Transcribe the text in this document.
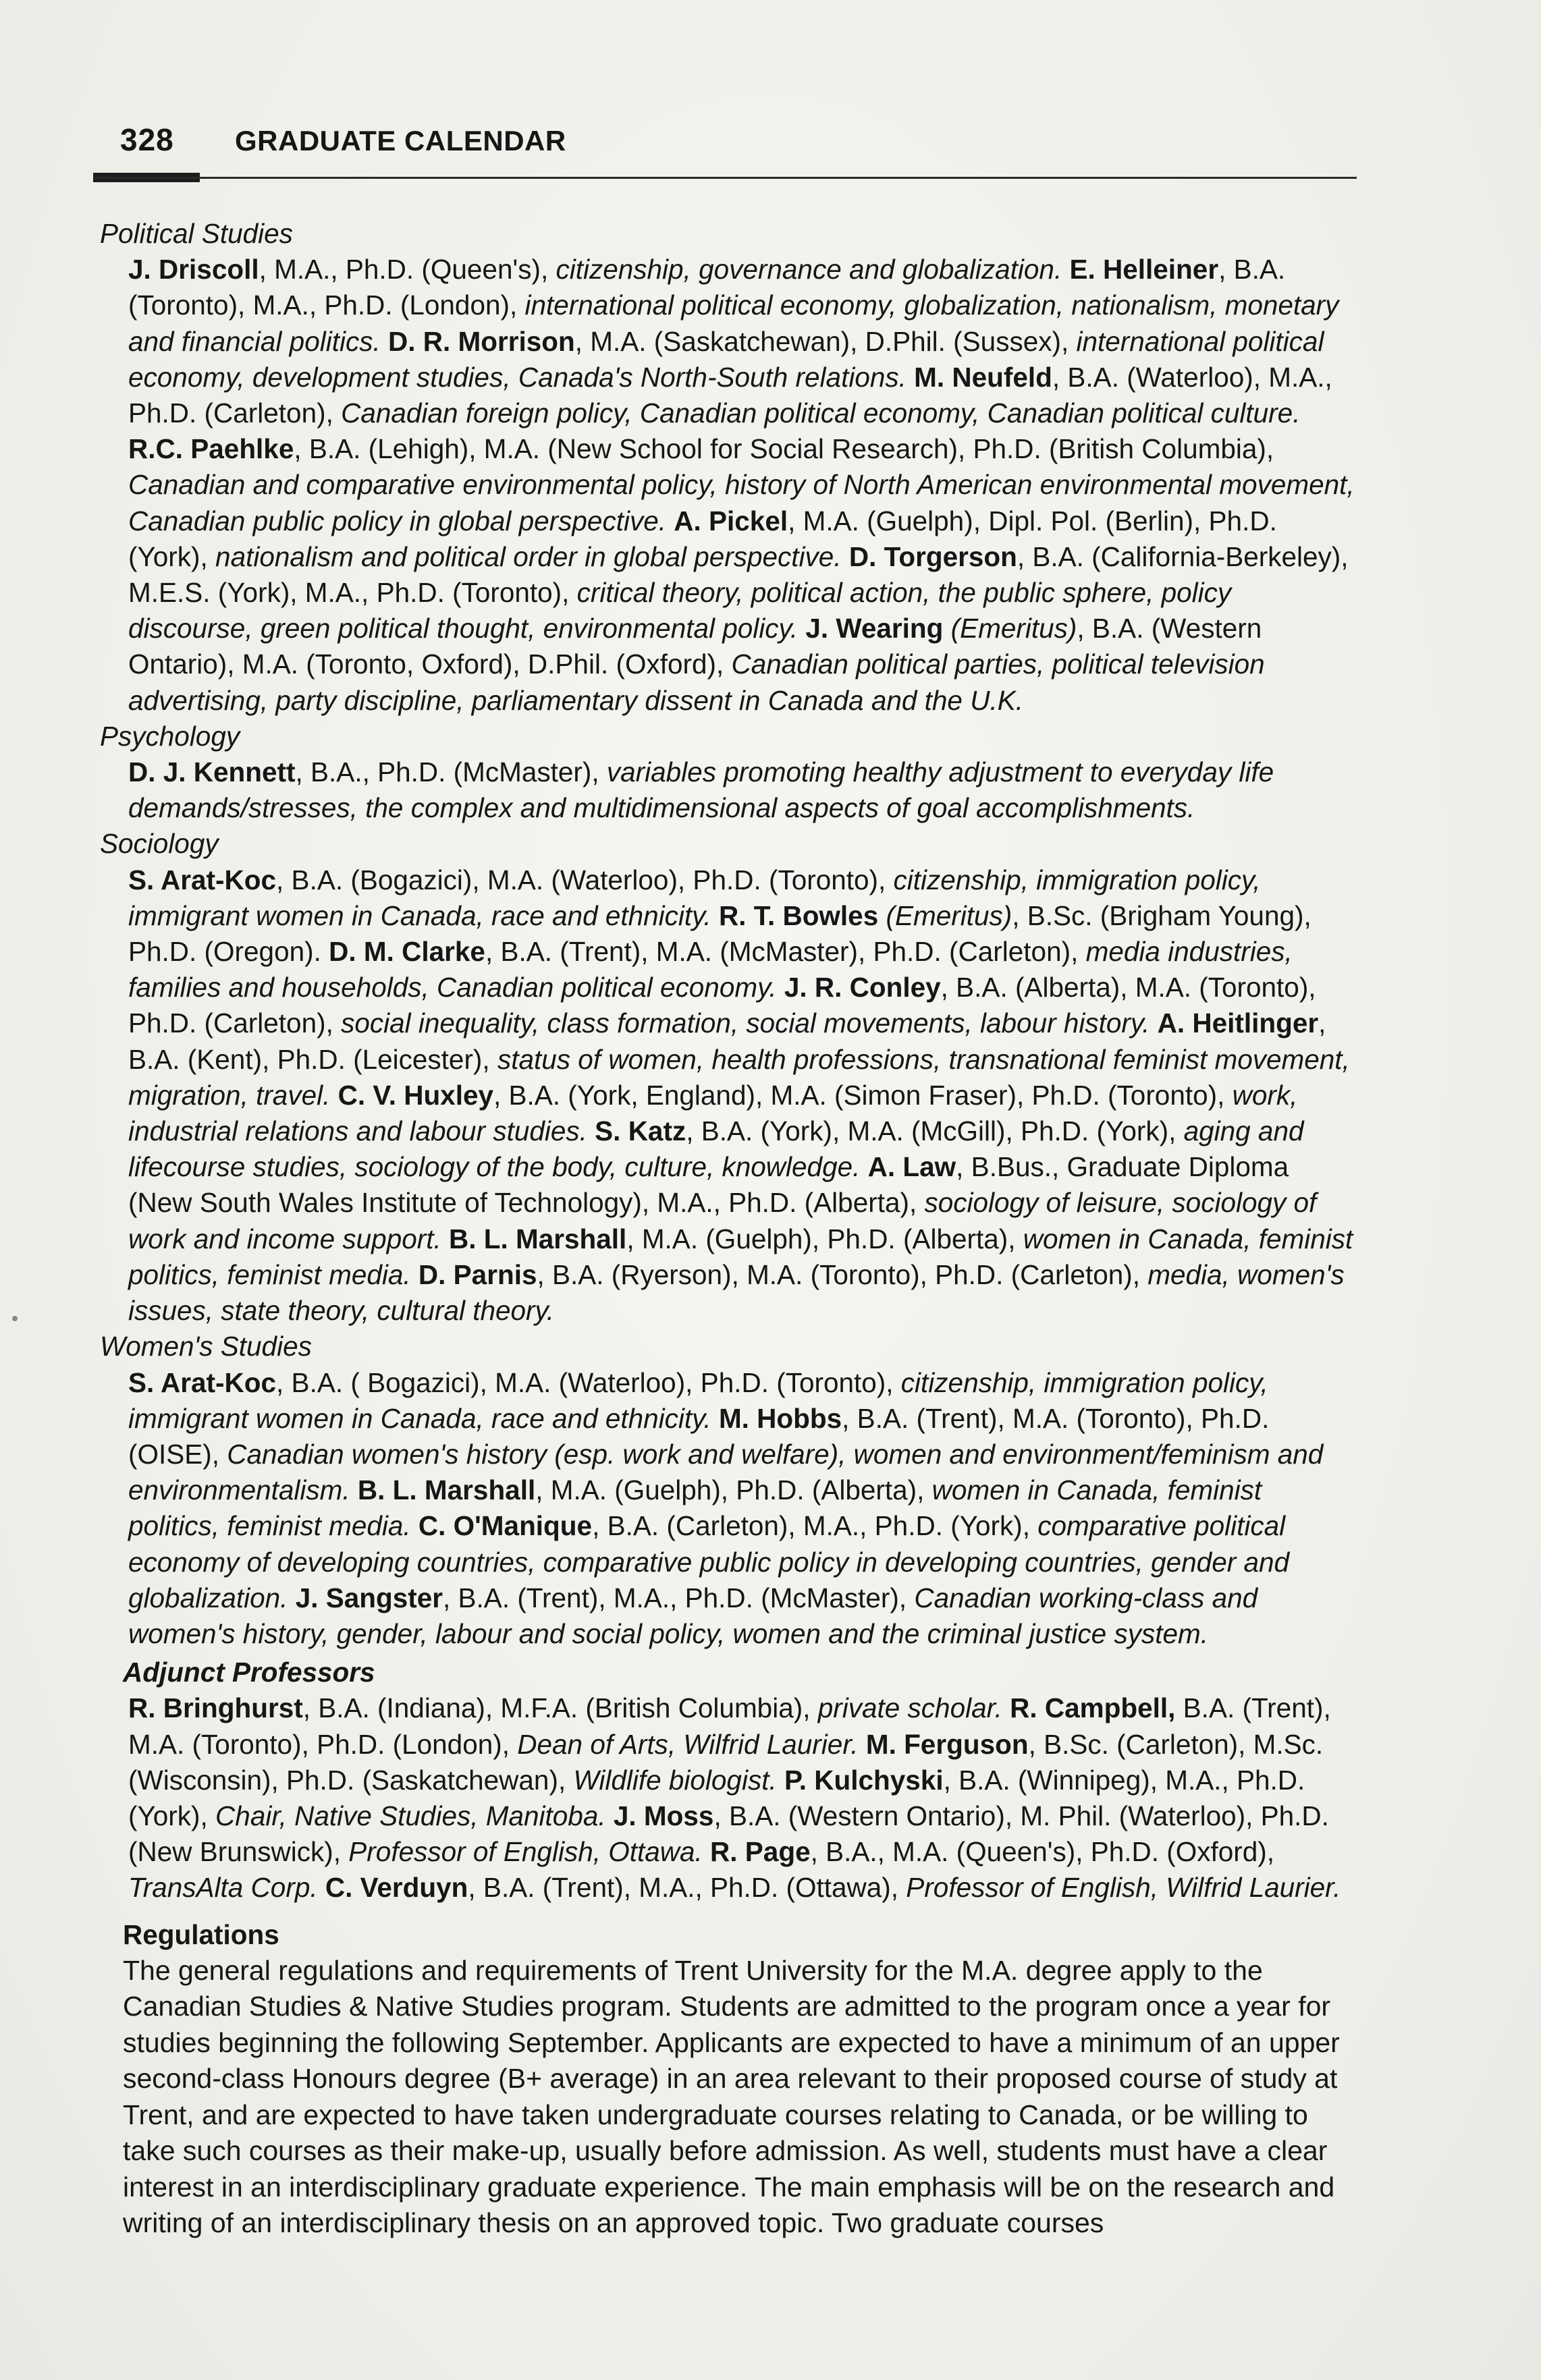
328	GRADUATE CALENDAR

Political Studies

J. Driscoll, M.A., Ph.D. (Queen's), citizenship, governance and globalization. E. Helleiner, B.A. (Toronto), M.A., Ph.D. (London), international political economy, globalization, nationalism, monetary and financial politics. D. R. Morrison, M.A. (Saskatchewan), D.Phil. (Sussex), international political economy, development studies, Canada's North-South relations. M. Neufeld, B.A. (Waterloo), M.A., Ph.D. (Carleton), Canadian foreign policy, Canadian political economy, Canadian political culture. R.C. Paehlke, B.A. (Lehigh), M.A. (New School for Social Research), Ph.D. (British Columbia), Canadian and comparative environmental policy, history of North American environmental movement, Canadian public policy in global perspective. A. Pickel, M.A. (Guelph), Dipl. Pol. (Berlin), Ph.D. (York), nationalism and political order in global perspective. D. Torgerson, B.A. (California-Berkeley), M.E.S. (York), M.A., Ph.D. (Toronto), critical theory, political action, the public sphere, policy discourse, green political thought, environmental policy. J. Wearing (Emeritus), B.A. (Western Ontario), M.A. (Toronto, Oxford), D.Phil. (Oxford), Canadian political parties, political television advertising, party discipline, parliamentary dissent in Canada and the U.K.

Psychology

D. J. Kennett, B.A., Ph.D. (McMaster), variables promoting healthy adjustment to everyday life demands/stresses, the complex and multidimensional aspects of goal accomplishments.

Sociology

S. Arat-Koc, B.A. (Bogazici), M.A. (Waterloo), Ph.D. (Toronto), citizenship, immigration policy, immigrant women in Canada, race and ethnicity. R. T. Bowles (Emeritus), B.Sc. (Brigham Young), Ph.D. (Oregon). D. M. Clarke, B.A. (Trent), M.A. (McMaster), Ph.D. (Carleton), media industries, families and households, Canadian political economy. J. R. Conley, B.A. (Alberta), M.A. (Toronto), Ph.D. (Carleton), social inequality, class formation, social movements, labour history. A. Heitlinger, B.A. (Kent), Ph.D. (Leicester), status of women, health professions, transnational feminist movement, migration, travel. C. V. Huxley, B.A. (York, England), M.A. (Simon Fraser), Ph.D. (Toronto), work, industrial relations and labour studies. S. Katz, B.A. (York), M.A. (McGill), Ph.D. (York), aging and lifecourse studies, sociology of the body, culture, knowledge. A. Law, B.Bus., Graduate Diploma (New South Wales Institute of Technology), M.A., Ph.D. (Alberta), sociology of leisure, sociology of work and income support. B. L. Marshall, M.A. (Guelph), Ph.D. (Alberta), women in Canada, feminist politics, feminist media. D. Parnis, B.A. (Ryerson), M.A. (Toronto), Ph.D. (Carleton), media, women's issues, state theory, cultural theory.

Women's Studies

S. Arat-Koc, B.A. ( Bogazici), M.A. (Waterloo), Ph.D. (Toronto), citizenship, immigration policy, immigrant women in Canada, race and ethnicity. M. Hobbs, B.A. (Trent), M.A. (Toronto), Ph.D. (OISE), Canadian women's history (esp. work and welfare), women and environment/feminism and environmentalism. B. L. Marshall, M.A. (Guelph), Ph.D. (Alberta), women in Canada, feminist politics, feminist media. C. O'Manique, B.A. (Carleton), M.A., Ph.D. (York), comparative political economy of developing countries, comparative public policy in developing countries, gender and globalization. J. Sangster, B.A. (Trent), M.A., Ph.D. (McMaster), Canadian working-class and women's history, gender, labour and social policy, women and the criminal justice system.

Adjunct Professors

R. Bringhurst, B.A. (Indiana), M.F.A. (British Columbia), private scholar. R. Campbell, B.A. (Trent), M.A. (Toronto), Ph.D. (London), Dean of Arts, Wilfrid Laurier. M. Ferguson, B.Sc. (Carleton), M.Sc. (Wisconsin), Ph.D. (Saskatchewan), Wildlife biologist. P. Kulchyski, B.A. (Winnipeg), M.A., Ph.D. (York), Chair, Native Studies, Manitoba. J. Moss, B.A. (Western Ontario), M. Phil. (Waterloo), Ph.D. (New Brunswick), Professor of English, Ottawa. R. Page, B.A., M.A. (Queen's), Ph.D. (Oxford), TransAlta Corp. C. Verduyn, B.A. (Trent), M.A., Ph.D. (Ottawa), Professor of English, Wilfrid Laurier.

Regulations

The general regulations and requirements of Trent University for the M.A. degree apply to the Canadian Studies & Native Studies program. Students are admitted to the program once a year for studies beginning the following September. Applicants are expected to have a minimum of an upper second-class Honours degree (B+ average) in an area relevant to their proposed course of study at Trent, and are expected to have taken undergraduate courses relating to Canada, or be willing to take such courses as their make-up, usually before admission. As well, students must have a clear interest in an interdisciplinary graduate experience. The main emphasis will be on the research and writing of an interdisciplinary thesis on an approved topic. Two graduate courses
